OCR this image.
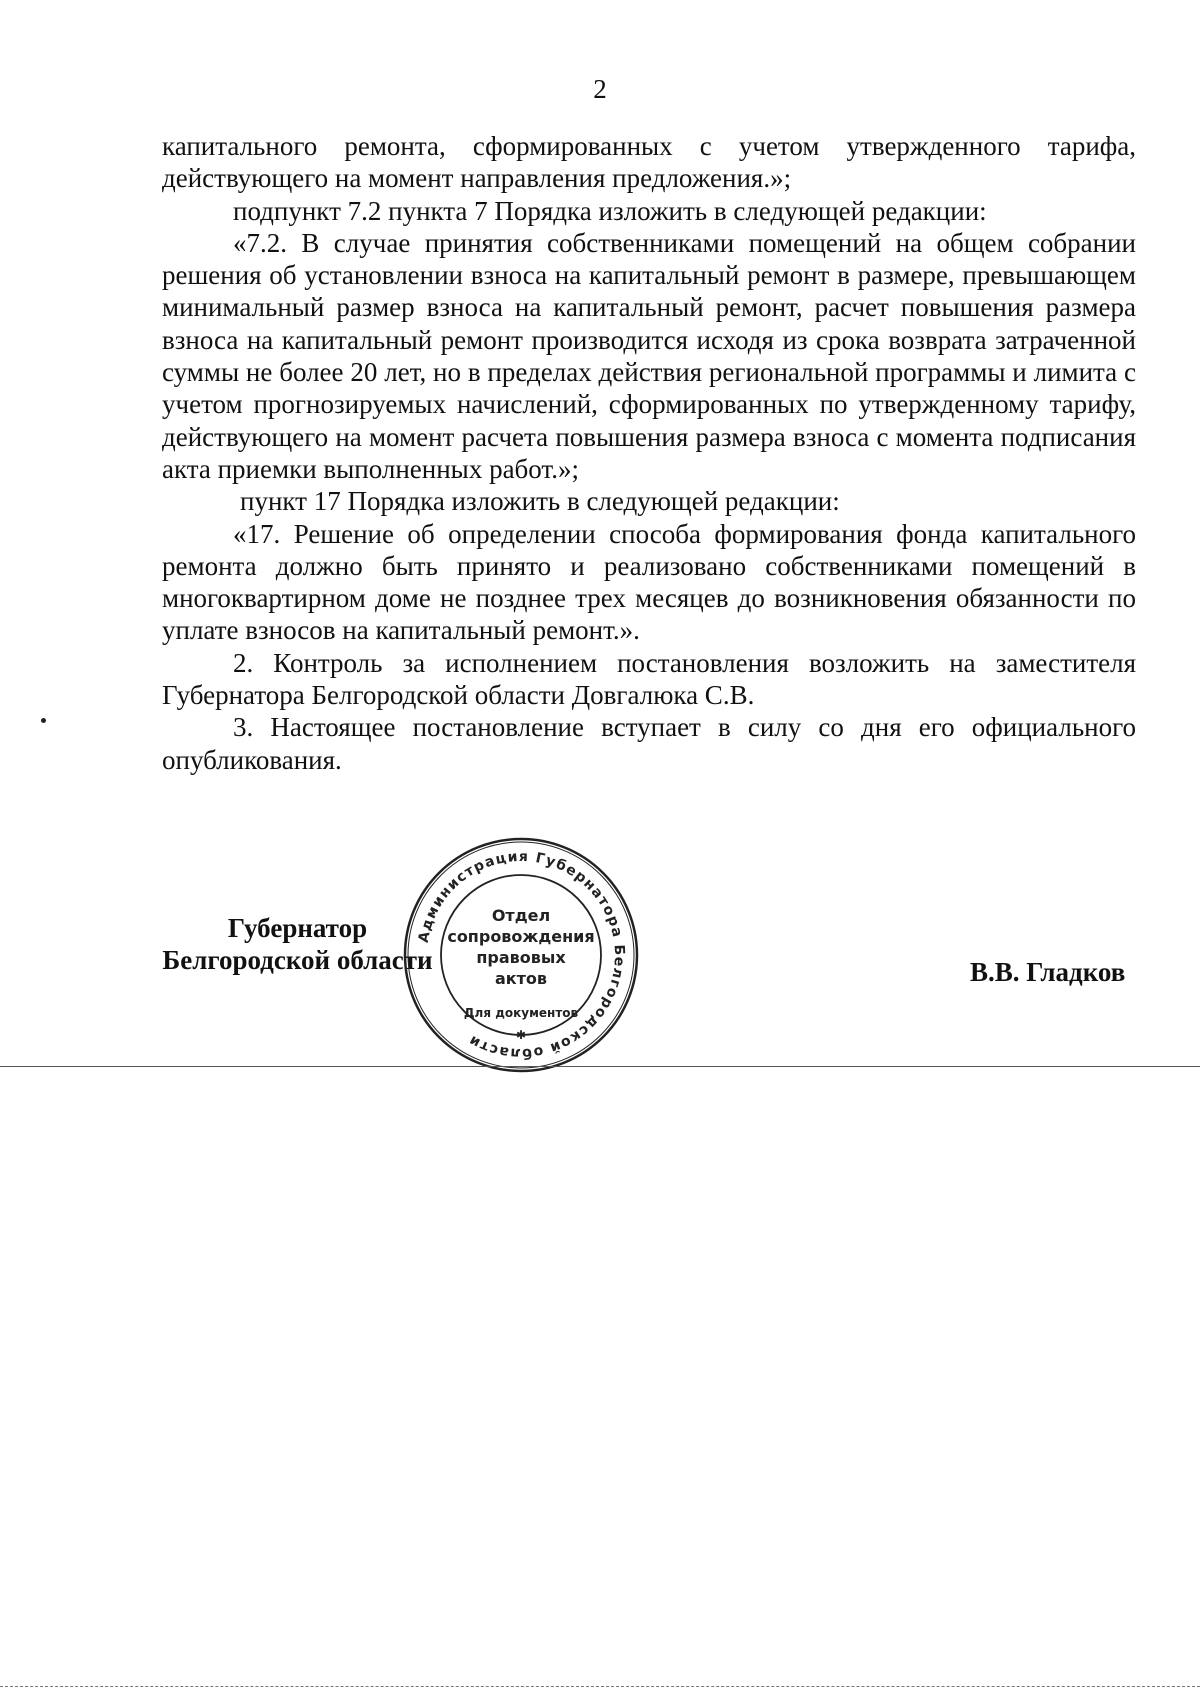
2

капитального ремонта, сформированных с учетом утвержденного тарифа, действующего на момент направления предложения.»;

подпункт 7.2 пункта 7 Порядка изложить в следующей редакции:

«7.2. В случае принятия собственниками помещений на общем собрании решения об установлении взноса на капитальный ремонт в размере, превышающем минимальный размер взноса на капитальный ремонт, расчет повышения размера взноса на капитальный ремонт производится исходя из срока возврата затраченной суммы не более 20 лет, но в пределах действия региональной программы и лимита с учетом прогнозируемых начислений, сформированных по утвержденному тарифу, действующего на момент расчета повышения размера взноса с момента подписания акта приемки выполненных работ.»;

пункт 17 Порядка изложить в следующей редакции:

«17. Решение об определении способа формирования фонда капитального ремонта должно быть принято и реализовано собственниками помещений в многоквартирном доме не позднее трех месяцев до возникновения обязанности по уплате взносов на капитальный ремонт.».

2. Контроль за исполнением постановления возложить на заместителя Губернатора Белгородской области Довгалюка С.В.

3. Настоящее постановление вступает в силу со дня его официального опубликования.

Губернатор
Белгородской области
Администрация Губернатора Белгородской области
Отдел
сопровождения
правовых
актов
Для документов
✱
В.В. Гладков
